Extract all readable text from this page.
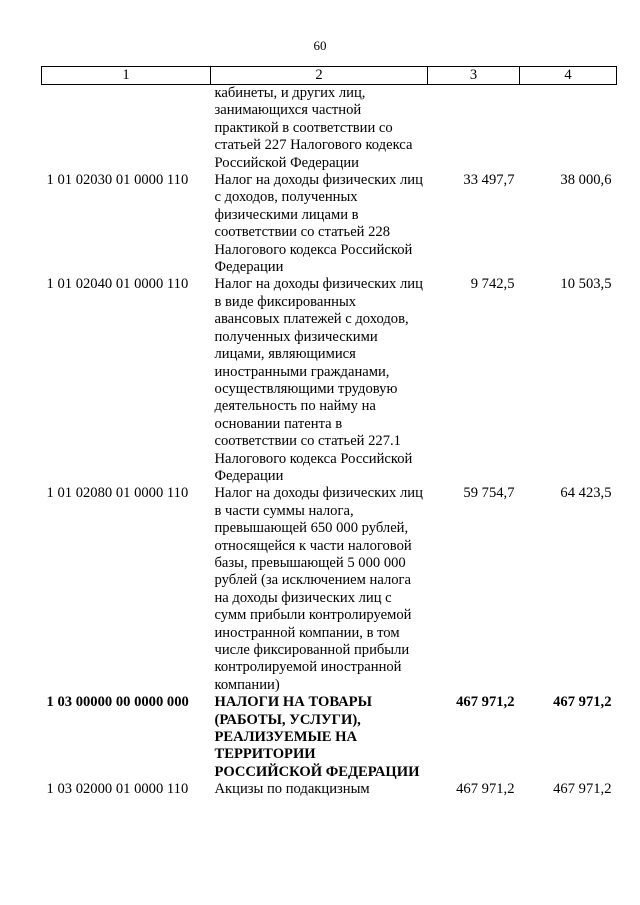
60
1	2	3	4
	кабинеты, и других лиц, занимающихся частной практикой в соответствии со статьей 227 Налогового кодекса Российской Федерации		
1 01 02030 01 0000 110	Налог на доходы физических лиц с доходов, полученных физическими лицами в соответствии со статьей 228 Налогового кодекса Российской Федерации	33 497,7	38 000,6
1 01 02040 01 0000 110	Налог на доходы физических лиц в виде фиксированных авансовых платежей с доходов, полученных физическими лицами, являющимися иностранными гражданами, осуществляющими трудовую деятельность по найму на основании патента в соответствии со статьей 227.1 Налогового кодекса Российской Федерации	9 742,5	10 503,5
1 01 02080 01 0000 110	Налог на доходы физических лиц в части суммы налога, превышающей 650 000 рублей, относящейся к части налоговой базы, превышающей 5 000 000 рублей (за исключением налога на доходы физических лиц с сумм прибыли контролируемой иностранной компании, в том числе фиксированной прибыли контролируемой иностранной компании)	59 754,7	64 423,5
1 03 00000 00 0000 000	НАЛОГИ НА ТОВАРЫ (РАБОТЫ, УСЛУГИ), РЕАЛИЗУЕМЫЕ НА ТЕРРИТОРИИ РОССИЙСКОЙ ФЕДЕРАЦИИ	467 971,2	467 971,2
1 03 02000 01 0000 110	Акцизы по подакцизным	467 971,2	467 971,2
